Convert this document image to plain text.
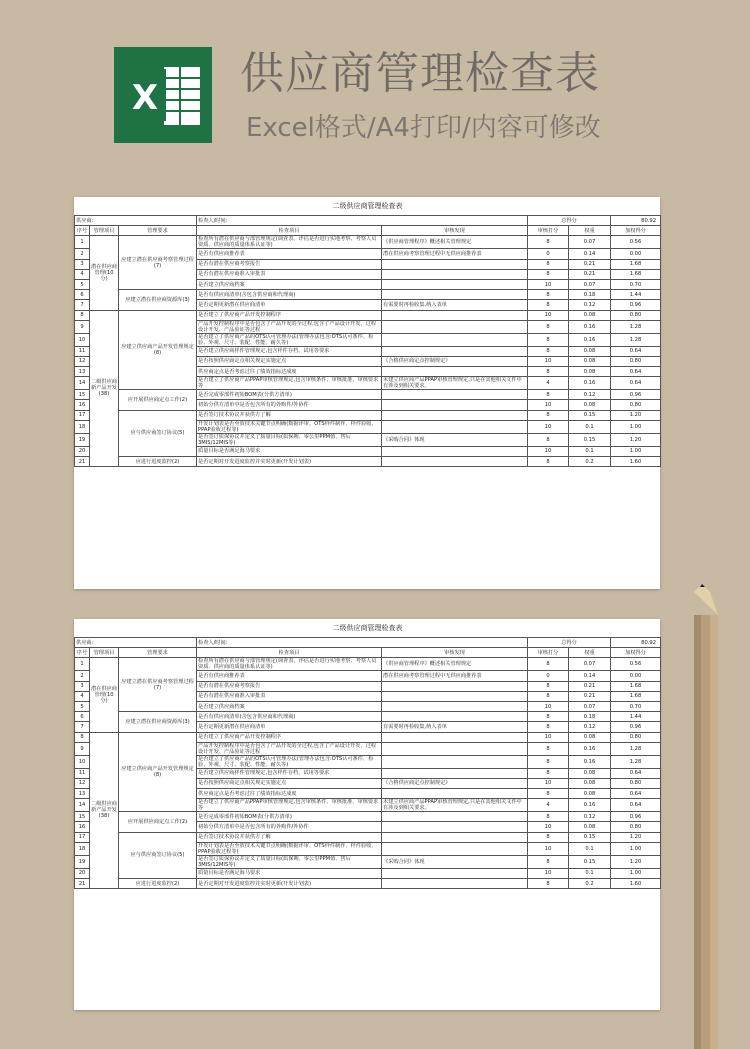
X 供应商管理检查表
Excel格式/A4打印/内容可修改
二级供应商管理检查表							
供应商:			检查人/时间:		总得分		80.92
序号	管理项目	管理要求	检查项目	审核发现	审核打分	权重	加权得分
1	潜在供应商管理(10分)	应建立潜在供应商考察管理过程(7)	检查所有潜在供应商与部管理规定(调查表、评估是否进行实地考察、考察人员资质、供应商的质量体系认证等)	《供应商管理程序》概述相关管理规定	8	0.07	0.56
2			是否有供应商推荐表	潜在供应商考察管理过程中无供应商推荐表	0	0.14	0.00
3			是否有潜在供应商考察报告		8	0.21	1.68
4			是否有潜在供应商准入审批表		8	0.21	1.68
5			是否建立供应商档案		10	0.07	0.70
6		应建立潜在供应商资源库(3)	是否有供应商清单(含包含供应商和代理商)		8	0.18	1.44
7			是否定期更新潜在供应商清单	有需要时再检收集,纳入表单	8	0.12	0.96
8	二级供应商新产品开发(38)	应建立供应商产品开发管理规定(8)	是否建立了供应商产品开发控制程序		10	0.08	0.80
9			产品开发控制程序中是否包含了产品开发的全过程,包含了产品设计开发、过程设计开发、产品验证等过程		8	0.16	1.28
10			是否建立了供应商产品的OTS认可管理办法(管理办法包含:OTS认可条件、检验、外观、尺寸、装配、性能、耐久等)		8	0.16	1.28
11			是否建立供应商样件管理规定,包含样件存档、试用等要求		8	0.08	0.64
12			是否按照供应商定点相关规定实施定点	《合格供应商定点控制规定》	10	0.08	0.80
13			供应商定点是否考虑过往了绩效指标达成度		8	0.08	0.64
14			是否建立了供应商产品PPAP审核管理规定,包含审核条件、审核批准、审核要求等	未建立供应商产品PPAP审核管理规定,只是在其他相关文件中有涉及到相关要求。	4	0.16	0.64
15		应开展供应商定点工作(2)	是否完成零部件初始BOM表(分供方清单)		8	0.12	0.96
16			初始分供方清单中是否包含所有的外购件/外协件		10	0.08	0.80
17		应与供应商签订协议(5)	是否签订技术协议并获供方了解		8	0.15	1.20
18			开发计划表是否至放技术关键节点明确(数据评审、OTS样件制作、样件验收、PPAP验收过程等)		10	0.1	1.00
19			是否签订质保协议并定义了质量目标(质保期、零公里PPM值、售后3MIS/12MIS等)	《采购合同》体现	8	0.15	1.20
20			质量目标是否满足海马要求		10	0.1	1.00
21		应进行进度监控(2)	是否定期对开发进度监控并实时更新(开发计划表)		8	0.2	1.60
二级供应商管理检查表							
供应商:			检查人/时间:		总得分		80.92
序号	管理项目	管理要求	检查项目	审核发现	审核打分	权重	加权得分
1	潜在供应商管理(10分)	应建立潜在供应商考察管理过程(7)	检查所有潜在供应商与部管理规定(调查表、评估是否进行实地考察、考察人员资质、供应商的质量体系认证等)	《供应商管理程序》概述相关管理规定	8	0.07	0.56
2			是否有供应商推荐表	潜在供应商考察管理过程中无供应商推荐表	0	0.14	0.00
3			是否有潜在供应商考察报告		8	0.21	1.68
4			是否有潜在供应商准入审批表		8	0.21	1.68
5			是否建立供应商档案		10	0.07	0.70
6		应建立潜在供应商资源库(3)	是否有供应商清单(含包含供应商和代理商)		8	0.18	1.44
7			是否定期更新潜在供应商清单	有需要时再检收集,纳入表单	8	0.12	0.96
8	二级供应商新产品开发(38)	应建立供应商产品开发管理规定(8)	是否建立了供应商产品开发控制程序		10	0.08	0.80
9			产品开发控制程序中是否包含了产品开发的全过程,包含了产品设计开发、过程设计开发、产品验证等过程		8	0.16	1.28
10			是否建立了供应商产品的OTS认可管理办法(管理办法包含:OTS认可条件、检验、外观、尺寸、装配、性能、耐久等)		8	0.16	1.28
11			是否建立供应商样件管理规定,包含样件存档、试用等要求		8	0.08	0.64
12			是否按照供应商定点相关规定实施定点	《合格供应商定点控制规定》	10	0.08	0.80
13			供应商定点是否考虑过往了绩效指标达成度		8	0.08	0.64
14			是否建立了供应商产品PPAP审核管理规定,包含审核条件、审核批准、审核要求等	未建立供应商产品PPAP审核管理规定,只是在其他相关文件中有涉及到相关要求。	4	0.16	0.64
15		应开展供应商定点工作(2)	是否完成零部件初始BOM表(分供方清单)		8	0.12	0.96
16			初始分供方清单中是否包含所有的外购件/外协件		10	0.08	0.80
17		应与供应商签订协议(5)	是否签订技术协议并获供方了解		8	0.15	1.20
18			开发计划表是否至放技术关键节点明确(数据评审、OTS样件制作、样件验收、PPAP验收过程等)		10	0.1	1.00
19			是否签订质保协议并定义了质量目标(质保期、零公里PPM值、售后3MIS/12MIS等)	《采购合同》体现	8	0.15	1.20
20			质量目标是否满足海马要求		10	0.1	1.00
21		应进行进度监控(2)	是否定期对开发进度监控并实时更新(开发计划表)		8	0.2	1.60
